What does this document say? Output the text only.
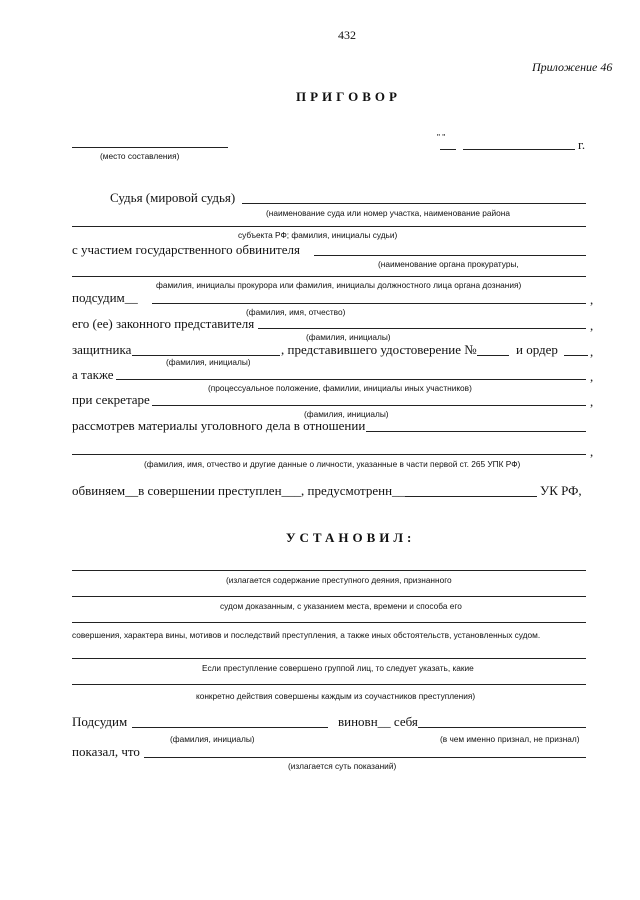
432
Приложение 46
ПРИГОВОР
(место составления)
" "	г.
Судья (мировой судья)
(наименование суда или номер участка, наименование района
субъекта РФ; фамилия, инициалы судьи)
с участием государственного обвинителя
(наименование органа прокуратуры,
фамилия, инициалы прокурора или фамилия, инициалы должностного лица органа дознания)
подсудим__	,
(фамилия, имя, отчество)
его (ее) законного представителя	,
(фамилия, инициалы)
защитника	, представившего удостоверение №	и ордер ,
(фамилия, инициалы)
а также	,
(процессуальное положение, фамилии, инициалы иных участников)
при секретаре	,
(фамилия, инициалы)
рассмотрев материалы уголовного дела в отношении
,
(фамилия, имя, отчество и другие данные о личности, указанные в части первой ст. 265 УПК РФ)
обвиняем__в совершении преступлен___, предусмотренн__	УК РФ,
УСТАНОВИЛ:
(излагается содержание преступного деяния, признанного
судом доказанным, с указанием места, времени и способа его
совершения, характера вины, мотивов и последствий преступления, а также иных обстоятельств, установленных судом.
Если преступление совершено группой лиц, то следует указать, какие
конкретно действия совершены каждым из соучастников преступления)
Подсудим	виновн__ себя
(фамилия, инициалы)	(в чем именно признал, не признал)
показал, что
(излагается суть показаний)
